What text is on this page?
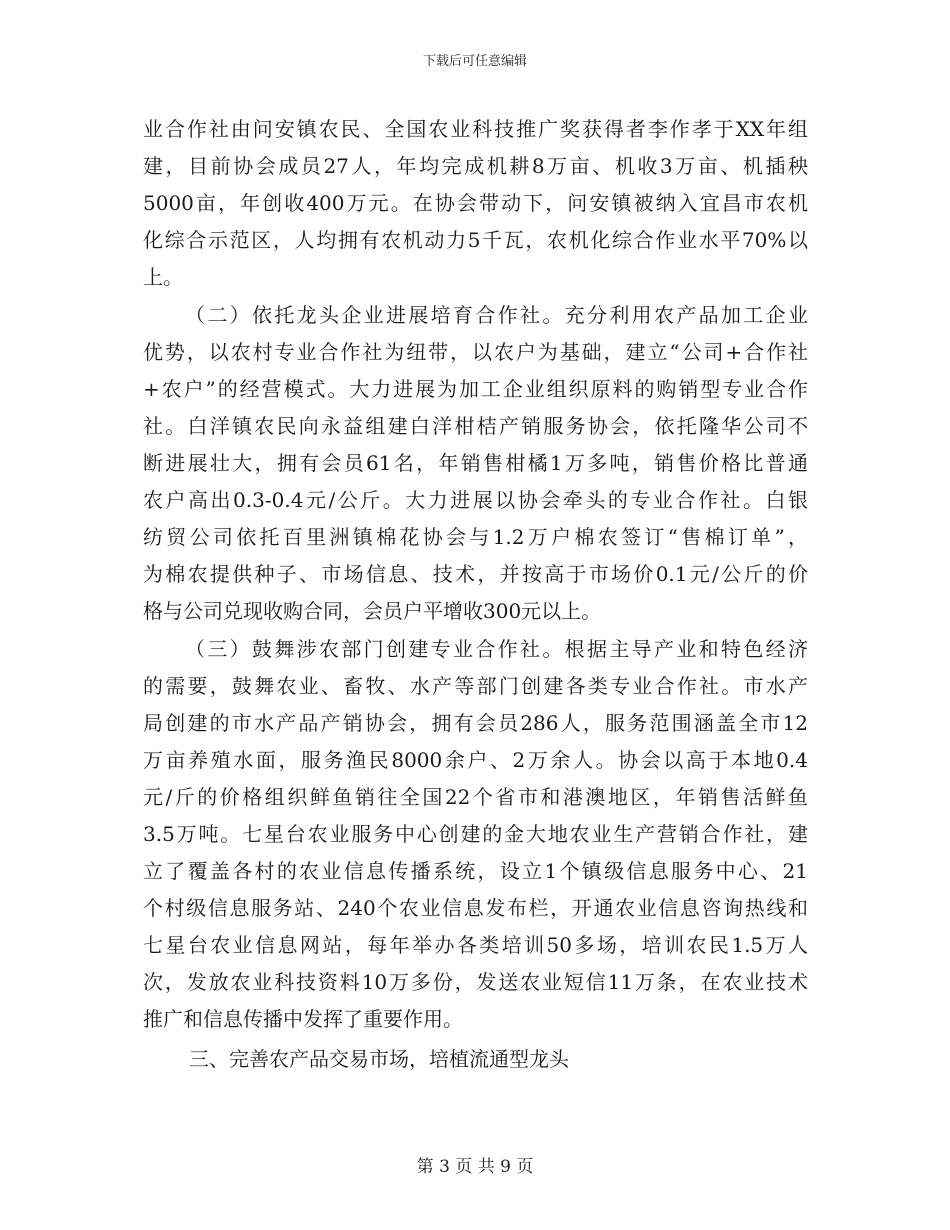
下载后可任意编辑
业合作社由问安镇农民、全国农业科技推广奖获得者李作孝于XX年组
建，目前协会成员27人，年均完成机耕8万亩、机收3万亩、机插秧
5000亩，年创收400万元。在协会带动下，问安镇被纳入宜昌市农机
化综合示范区，人均拥有农机动力5千瓦，农机化综合作业水平70%以
上。
（二）依托龙头企业进展培育合作社。充分利用农产品加工企业
优势，以农村专业合作社为纽带，以农户为基础，建立“公司+合作社
+农户”的经营模式。大力进展为加工企业组织原料的购销型专业合作
社。白洋镇农民向永益组建白洋柑桔产销服务协会，依托隆华公司不
断进展壮大，拥有会员61名，年销售柑橘1万多吨，销售价格比普通
农户高出0.3-0.4元/公斤。大力进展以协会牵头的专业合作社。白银
纺贸公司依托百里洲镇棉花协会与1.2万户棉农签订“售棉订单”，
为棉农提供种子、市场信息、技术，并按高于市场价0.1元/公斤的价
格与公司兑现收购合同，会员户平增收300元以上。
（三）鼓舞涉农部门创建专业合作社。根据主导产业和特色经济
的需要，鼓舞农业、畜牧、水产等部门创建各类专业合作社。市水产
局创建的市水产品产销协会，拥有会员286人，服务范围涵盖全市12
万亩养殖水面，服务渔民8000余户、2万余人。协会以高于本地0.4
元/斤的价格组织鲜鱼销往全国22个省市和港澳地区，年销售活鲜鱼
3.5万吨。七星台农业服务中心创建的金大地农业生产营销合作社，建
立了覆盖各村的农业信息传播系统，设立1个镇级信息服务中心、21
个村级信息服务站、240个农业信息发布栏，开通农业信息咨询热线和
七星台农业信息网站，每年举办各类培训50多场，培训农民1.5万人
次，发放农业科技资料10万多份，发送农业短信11万条，在农业技术
推广和信息传播中发挥了重要作用。
三、完善农产品交易市场，培植流通型龙头
第 3 页 共 9 页
